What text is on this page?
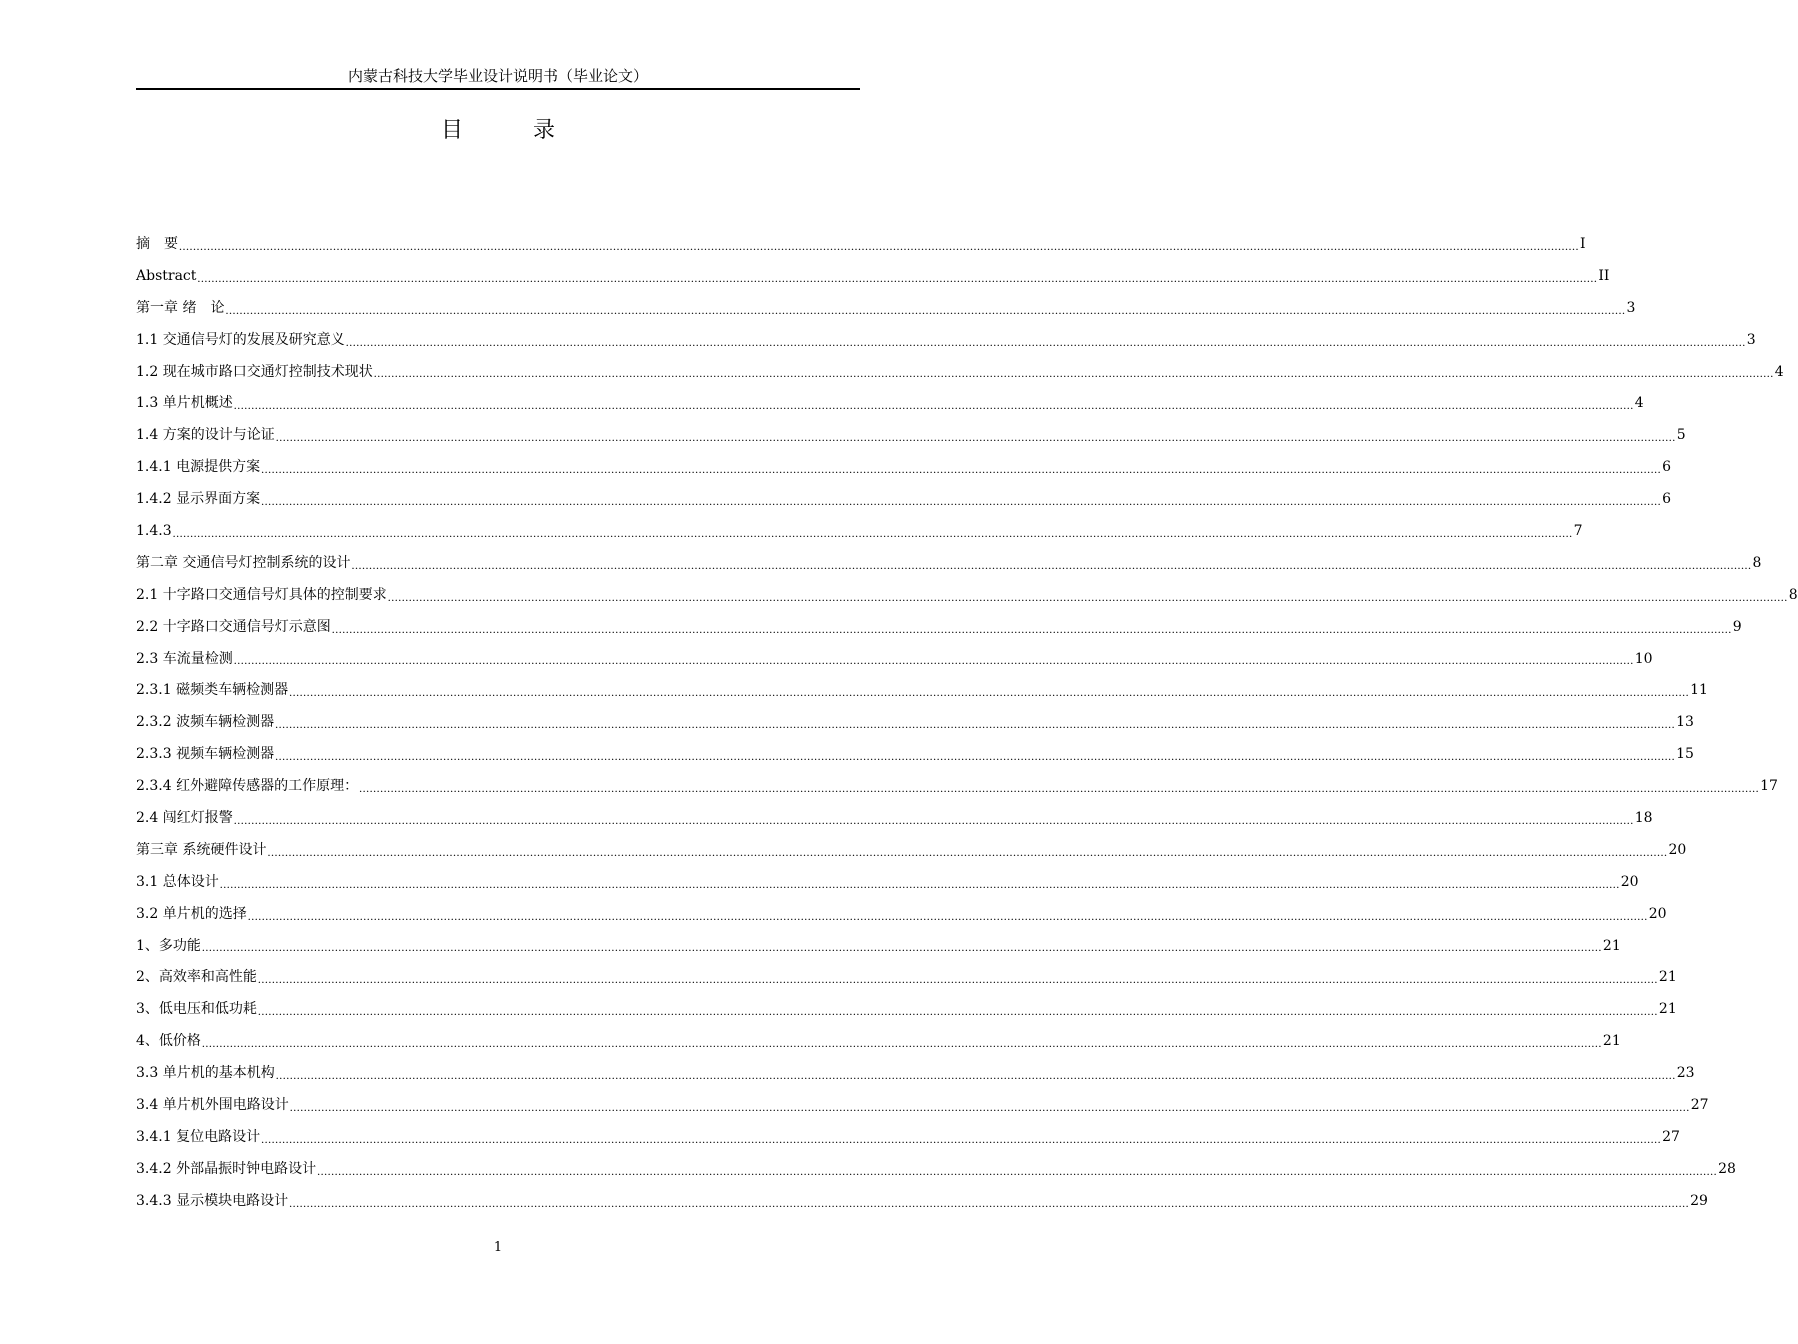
内蒙古科技大学毕业设计说明书（毕业论文）
目　录
摘　要 ................................................................................................................................................................................................................................................................................................................................................................................................................ I
Abstract ................................................................................................................................................................................................................................................................................................................................................................................................................ II
第一章 绪　论 ................................................................................................................................................................................................................................................................................................................................................................................................................ 3
1.1 交通信号灯的发展及研究意义 ................................................................................................................................................................................................................................................................................................................................................................................................................ 3
1.2 现在城市路口交通灯控制技术现状 ................................................................................................................................................................................................................................................................................................................................................................................................................ 4
1.3 单片机概述 ................................................................................................................................................................................................................................................................................................................................................................................................................ 4
1.4 方案的设计与论证 ................................................................................................................................................................................................................................................................................................................................................................................................................ 5
1.4.1 电源提供方案 ................................................................................................................................................................................................................................................................................................................................................................................................................ 6
1.4.2 显示界面方案 ................................................................................................................................................................................................................................................................................................................................................................................................................ 6
1.4.3 ................................................................................................................................................................................................................................................................................................................................................................................................................ 7
第二章 交通信号灯控制系统的设计 ................................................................................................................................................................................................................................................................................................................................................................................................................ 8
2.1 十字路口交通信号灯具体的控制要求 ................................................................................................................................................................................................................................................................................................................................................................................................................ 8
2.2 十字路口交通信号灯示意图 ................................................................................................................................................................................................................................................................................................................................................................................................................ 9
2.3 车流量检测 ................................................................................................................................................................................................................................................................................................................................................................................................................ 10
2.3.1 磁频类车辆检测器 ................................................................................................................................................................................................................................................................................................................................................................................................................ 11
2.3.2 波频车辆检测器 ................................................................................................................................................................................................................................................................................................................................................................................................................ 13
2.3.3 视频车辆检测器 ................................................................................................................................................................................................................................................................................................................................................................................................................ 15
2.3.4 红外避障传感器的工作原理： ................................................................................................................................................................................................................................................................................................................................................................................................................ 17
2.4 闯红灯报警 ................................................................................................................................................................................................................................................................................................................................................................................................................ 18
第三章 系统硬件设计 ................................................................................................................................................................................................................................................................................................................................................................................................................ 20
3.1 总体设计 ................................................................................................................................................................................................................................................................................................................................................................................................................ 20
3.2 单片机的选择 ................................................................................................................................................................................................................................................................................................................................................................................................................ 20
1、多功能 ................................................................................................................................................................................................................................................................................................................................................................................................................ 21
2、高效率和高性能 ................................................................................................................................................................................................................................................................................................................................................................................................................ 21
3、低电压和低功耗 ................................................................................................................................................................................................................................................................................................................................................................................................................ 21
4、低价格 ................................................................................................................................................................................................................................................................................................................................................................................................................ 21
3.3 单片机的基本机构 ................................................................................................................................................................................................................................................................................................................................................................................................................ 23
3.4 单片机外围电路设计 ................................................................................................................................................................................................................................................................................................................................................................................................................ 27
3.4.1 复位电路设计 ................................................................................................................................................................................................................................................................................................................................................................................................................ 27
3.4.2 外部晶振时钟电路设计 ................................................................................................................................................................................................................................................................................................................................................................................................................ 28
3.4.3 显示模块电路设计 ................................................................................................................................................................................................................................................................................................................................................................................................................ 29
1
